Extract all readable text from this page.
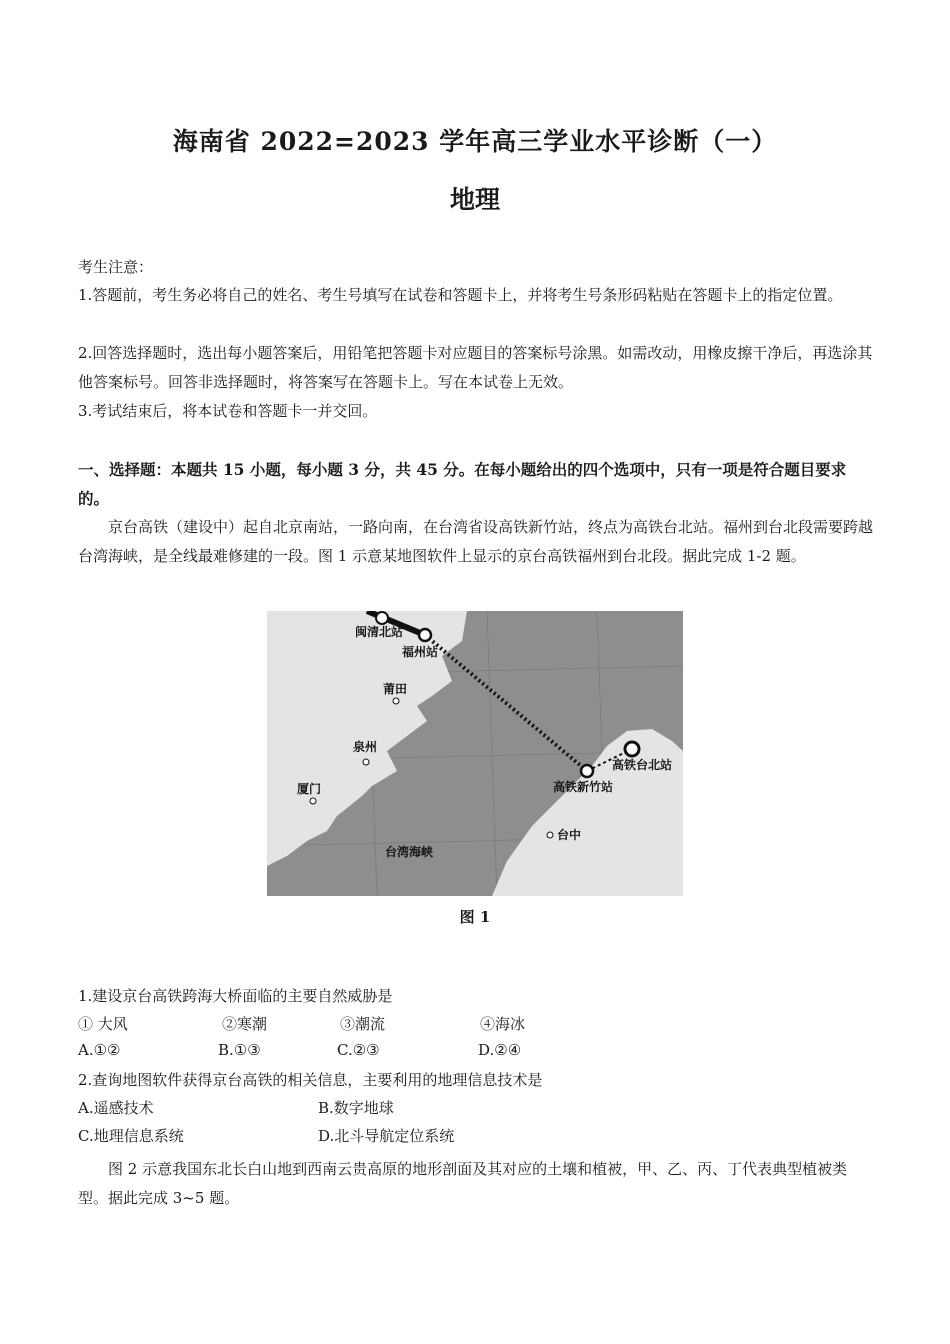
海南省 2022=2023 学年高三学业水平诊断（一）
地理
考生注意：
1.答题前，考生务必将自己的姓名、考生号填写在试卷和答题卡上，并将考生号条形码粘贴在答题卡上的指定位置。
2.回答选择题时，选出每小题答案后，用铅笔把答题卡对应题目的答案标号涂黑。如需改动，用橡皮擦干净后，再选涂其他答案标号。回答非选择题时，将答案写在答题卡上。写在本试卷上无效。
3.考试结束后，将本试卷和答题卡一并交回。
一、选择题：本题共 15 小题，每小题 3 分，共 45 分。在每小题给出的四个选项中，只有一项是符合题目要求的。
京台高铁（建设中）起自北京南站，一路向南，在台湾省设高铁新竹站，终点为高铁台北站。福州到台北段需要跨越台湾海峡，是全线最难修建的一段。图 1 示意某地图软件上显示的京台高铁福州到台北段。据此完成 1-2 题。
闽清北站
福州站
莆田
泉州
厦门
台湾海峡
高铁台北站
高铁新竹站
台中
图 1
1.建设京台高铁跨海大桥面临的主要自然威胁是
① 大风	②寒潮	③潮流	④海冰
A.①②	B.①③	C.②③	D.②④
2.查询地图软件获得京台高铁的相关信息，主要利用的地理信息技术是
A.遥感技术	B.数字地球
C.地理信息系统	D.北斗导航定位系统
图 2 示意我国东北长白山地到西南云贵高原的地形剖面及其对应的土壤和植被，甲、乙、丙、丁代表典型植被类型。据此完成 3~5 题。
